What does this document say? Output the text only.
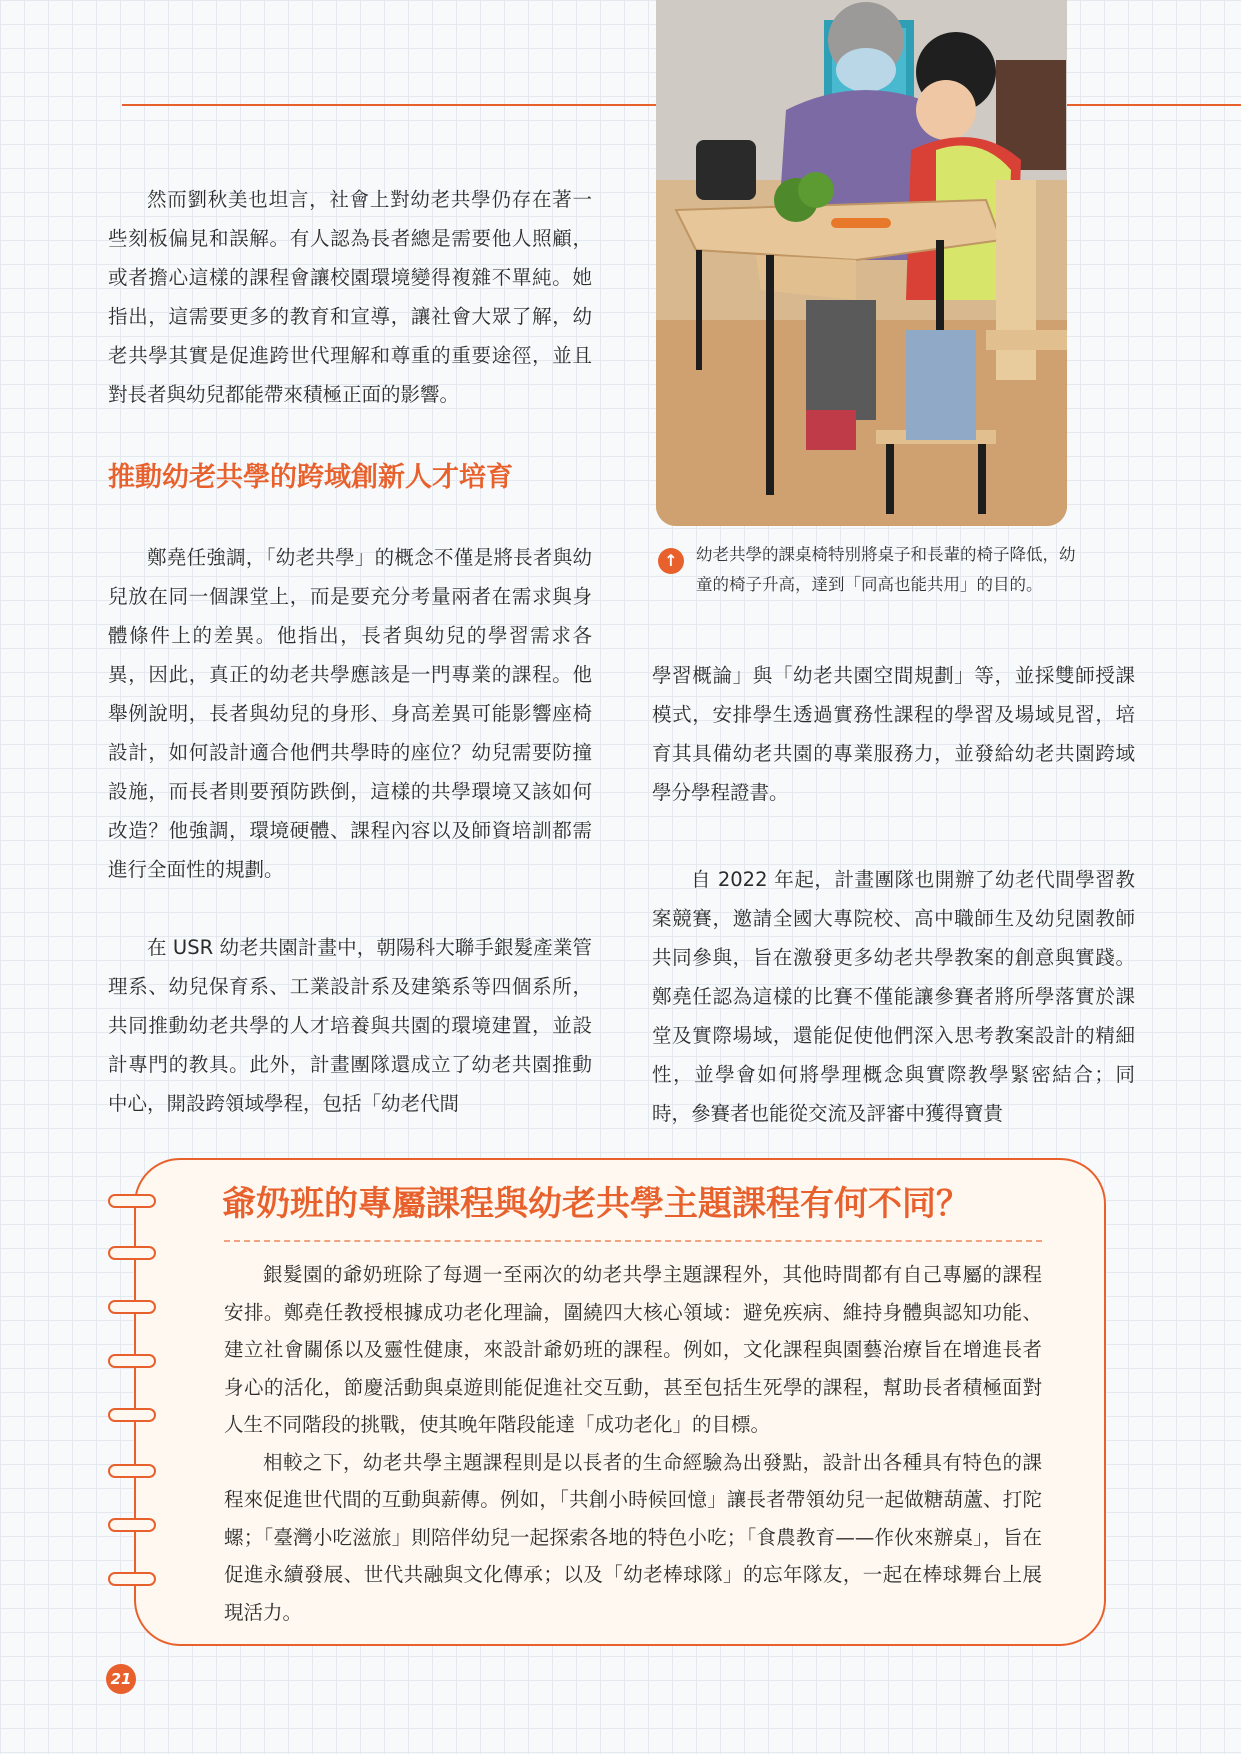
然而劉秋美也坦言，社會上對幼老共學仍存在著一些刻板偏見和誤解。有人認為長者總是需要他人照顧，或者擔心這樣的課程會讓校園環境變得複雜不單純。她指出，這需要更多的教育和宣導，讓社會大眾了解，幼老共學其實是促進跨世代理解和尊重的重要途徑，並且對長者與幼兒都能帶來積極正面的影響。

推動幼老共學的跨域創新人才培育

鄭堯任強調，「幼老共學」的概念不僅是將長者與幼兒放在同一個課堂上，而是要充分考量兩者在需求與身體條件上的差異。他指出，長者與幼兒的學習需求各異，因此，真正的幼老共學應該是一門專業的課程。他舉例說明，長者與幼兒的身形、身高差異可能影響座椅設計，如何設計適合他們共學時的座位？幼兒需要防撞設施，而長者則要預防跌倒，這樣的共學環境又該如何改造？他強調，環境硬體、課程內容以及師資培訓都需進行全面性的規劃。

在 USR 幼老共園計畫中，朝陽科大聯手銀髮產業管理系、幼兒保育系、工業設計系及建築系等四個系所，共同推動幼老共學的人才培養與共園的環境建置，並設計專門的教具。此外，計畫團隊還成立了幼老共園推動中心，開設跨領域學程，包括「幼老代間

↑	幼老共學的課桌椅特別將桌子和長輩的椅子降低，幼童的椅子升高，達到「同高也能共用」的目的。

學習概論」與「幼老共園空間規劃」等，並採雙師授課模式，安排學生透過實務性課程的學習及場域見習，培育其具備幼老共園的專業服務力，並發給幼老共園跨域學分學程證書。

自 2022 年起，計畫團隊也開辦了幼老代間學習教案競賽，邀請全國大專院校、高中職師生及幼兒園教師共同參與，旨在激發更多幼老共學教案的創意與實踐。鄭堯任認為這樣的比賽不僅能讓參賽者將所學落實於課堂及實際場域，還能促使他們深入思考教案設計的精細性，並學會如何將學理概念與實際教學緊密結合；同時，參賽者也能從交流及評審中獲得寶貴

爺奶班的專屬課程與幼老共學主題課程有何不同？

銀髮園的爺奶班除了每週一至兩次的幼老共學主題課程外，其他時間都有自己專屬的課程安排。鄭堯任教授根據成功老化理論，圍繞四大核心領域：避免疾病、維持身體與認知功能、建立社會關係以及靈性健康，來設計爺奶班的課程。例如，文化課程與園藝治療旨在增進長者身心的活化，節慶活動與桌遊則能促進社交互動，甚至包括生死學的課程，幫助長者積極面對人生不同階段的挑戰，使其晚年階段能達「成功老化」的目標。

相較之下，幼老共學主題課程則是以長者的生命經驗為出發點，設計出各種具有特色的課程來促進世代間的互動與薪傳。例如，「共創小時候回憶」讓長者帶領幼兒一起做糖葫蘆、打陀螺；「臺灣小吃滋旅」則陪伴幼兒一起探索各地的特色小吃；「食農教育——作伙來辦桌」，旨在促進永續發展、世代共融與文化傳承；以及「幼老棒球隊」的忘年隊友，一起在棒球舞台上展現活力。

21
